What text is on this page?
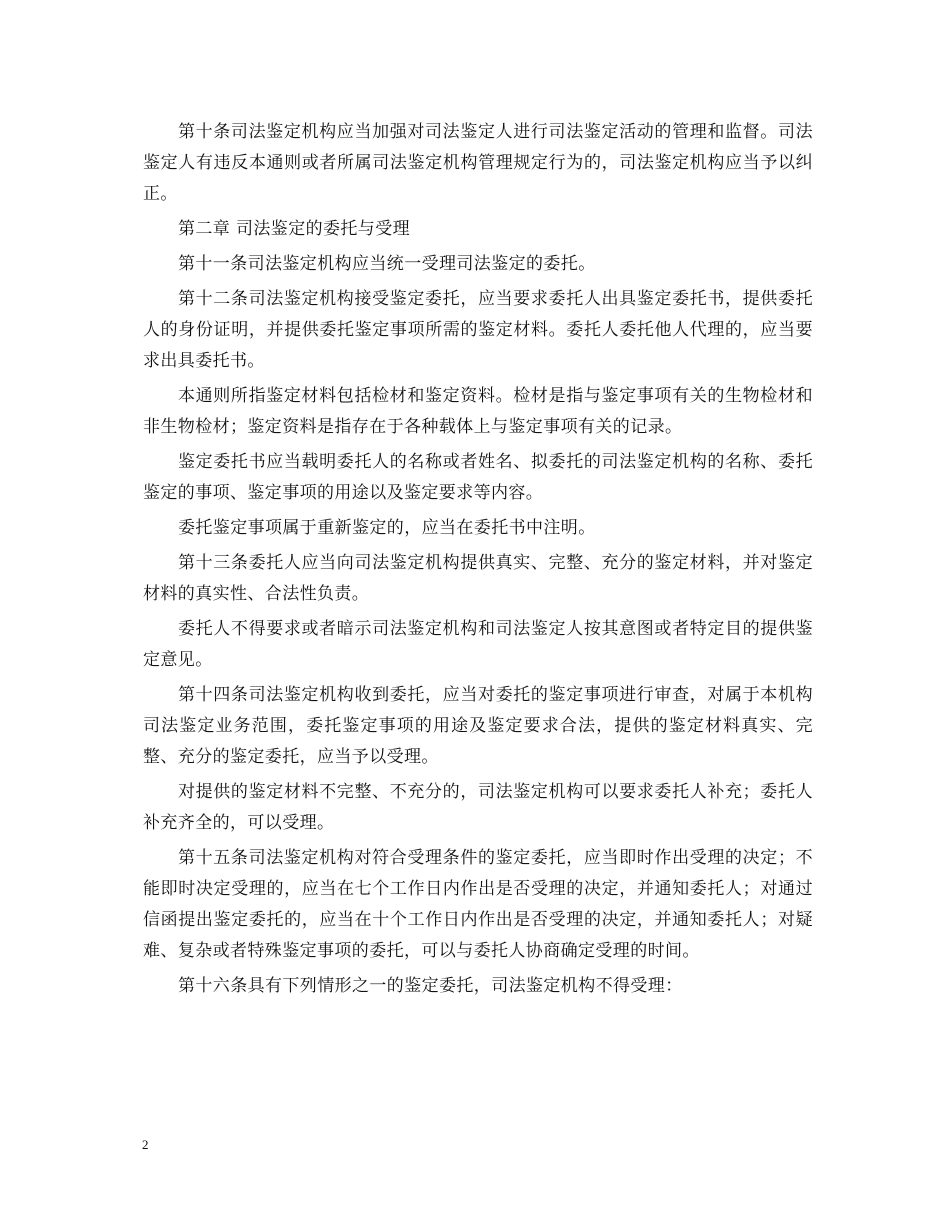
第十条司法鉴定机构应当加强对司法鉴定人进行司法鉴定活动的管理和监督。司法鉴定人有违反本通则或者所属司法鉴定机构管理规定行为的，司法鉴定机构应当予以纠正。

第二章 司法鉴定的委托与受理

第十一条司法鉴定机构应当统一受理司法鉴定的委托。

第十二条司法鉴定机构接受鉴定委托，应当要求委托人出具鉴定委托书，提供委托人的身份证明，并提供委托鉴定事项所需的鉴定材料。委托人委托他人代理的，应当要求出具委托书。

本通则所指鉴定材料包括检材和鉴定资料。检材是指与鉴定事项有关的生物检材和非生物检材；鉴定资料是指存在于各种载体上与鉴定事项有关的记录。

鉴定委托书应当载明委托人的名称或者姓名、拟委托的司法鉴定机构的名称、委托鉴定的事项、鉴定事项的用途以及鉴定要求等内容。

委托鉴定事项属于重新鉴定的，应当在委托书中注明。

第十三条委托人应当向司法鉴定机构提供真实、完整、充分的鉴定材料，并对鉴定材料的真实性、合法性负责。

委托人不得要求或者暗示司法鉴定机构和司法鉴定人按其意图或者特定目的提供鉴定意见。

第十四条司法鉴定机构收到委托，应当对委托的鉴定事项进行审查，对属于本机构司法鉴定业务范围，委托鉴定事项的用途及鉴定要求合法，提供的鉴定材料真实、完整、充分的鉴定委托，应当予以受理。

对提供的鉴定材料不完整、不充分的，司法鉴定机构可以要求委托人补充；委托人补充齐全的，可以受理。

第十五条司法鉴定机构对符合受理条件的鉴定委托，应当即时作出受理的决定；不能即时决定受理的，应当在七个工作日内作出是否受理的决定，并通知委托人；对通过信函提出鉴定委托的，应当在十个工作日内作出是否受理的决定，并通知委托人；对疑难、复杂或者特殊鉴定事项的委托，可以与委托人协商确定受理的时间。

第十六条具有下列情形之一的鉴定委托，司法鉴定机构不得受理：

2
